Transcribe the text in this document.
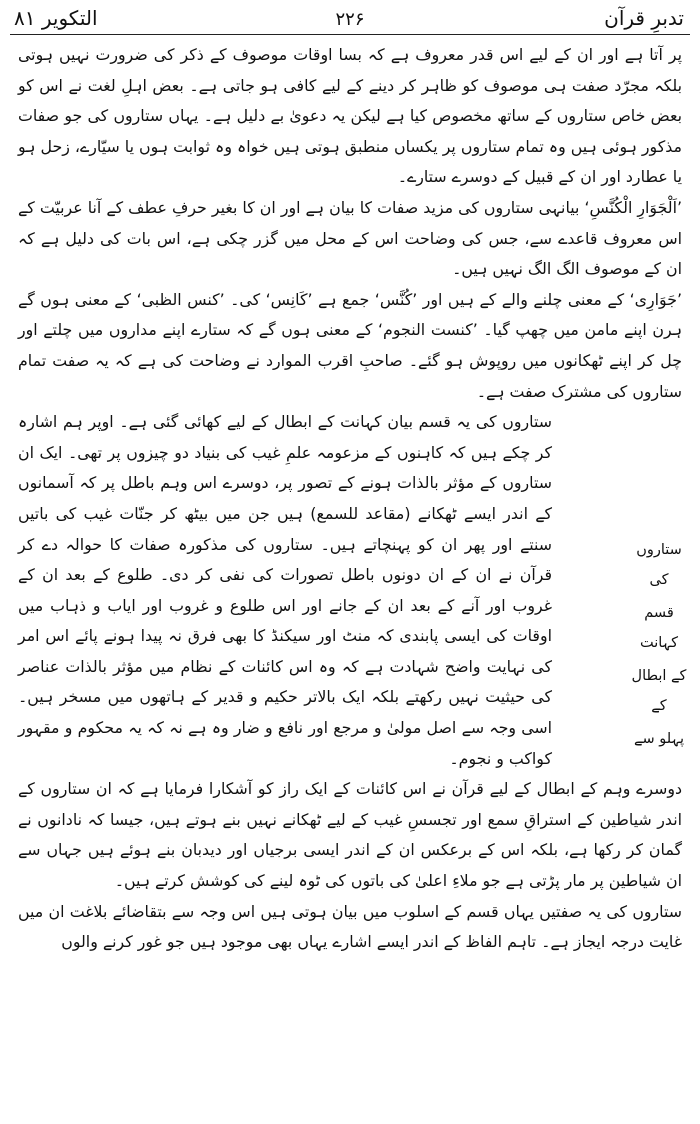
تدبرِ قرآن
۲۲۶
التکویر ۸۱

پر آتا ہے اور ان کے لیے اس قدر معروف ہے کہ بسا اوقات موصوف کے ذکر کی ضرورت نہیں ہوتی بلکہ مجرّد صفت ہی موصوف کو ظاہر کر دینے کے لیے کافی ہو جاتی ہے۔ بعض اہلِ لغت نے اس کو بعض خاص ستاروں کے ساتھ مخصوص کیا ہے لیکن یہ دعویٰ بے دلیل ہے۔ یہاں ستاروں کی جو صفات مذکور ہوئی ہیں وہ تمام ستاروں پر یکساں منطبق ہوتی ہیں خواہ وہ ثوابت ہوں یا سیّارے، زحل ہو یا عطارد اور ان کے قبیل کے دوسرے ستارے۔

’اَلْجَوَارِ الْکُنَّسِ‘ بیانہی ستاروں کی مزید صفات کا بیان ہے اور ان کا بغیر حرفِ عطف کے آنا عربیّت کے اس معروف قاعدے سے، جس کی وضاحت اس کے محل میں گزر چکی ہے، اس بات کی دلیل ہے کہ ان کے موصوف الگ الگ نہیں ہیں۔

’جَوَارِی‘ کے معنی چلنے والے کے ہیں اور ’کُنَّس‘ جمع ہے ’کَانِس‘ کی۔ ’کنس الظبی‘ کے معنی ہوں گے ہرن اپنے مامن میں چھپ گیا۔ ’کنست النجوم‘ کے معنی ہوں گے کہ ستارے اپنے مداروں میں چلتے اور چل کر اپنے ٹھکانوں میں روپوش ہو گئے۔ صاحبِ اقرب الموارد نے وضاحت کی ہے کہ یہ صفت تمام ستاروں کی مشترک صفت ہے۔

ستاروں کی یہ قسم بیان کہانت کے ابطال کے لیے کھائی گئی ہے۔ اوپر ہم اشارہ کر چکے ہیں کہ کاہنوں کے مزعومہ علمِ غیب کی بنیاد دو چیزوں پر تھی۔ ایک ان ستاروں کے مؤثر بالذات ہونے کے تصور پر، دوسرے اس وہم باطل پر کہ آسمانوں کے اندر ایسے ٹھکانے (مقاعد للسمع) ہیں جن میں بیٹھ کر جنّات غیب کی باتیں سنتے اور پھر ان کو پہنچاتے ہیں۔ ستاروں کی مذکورہ صفات کا حوالہ دے کر قرآن نے ان کے ان دونوں باطل تصورات کی نفی کر دی۔ طلوع کے بعد ان کے غروب اور آنے کے بعد ان کے جانے اور اس طلوع و غروب اور ایاب و ذہاب میں اوقات کی ایسی پابندی کہ منٹ اور سیکنڈ کا بھی فرق نہ پیدا ہونے پائے اس امر کی نہایت واضح شہادت ہے کہ وہ اس کائنات کے نظام میں مؤثر بالذات عناصر کی حیثیت نہیں رکھتے بلکہ ایک بالاتر حکیم و قدیر کے ہاتھوں میں مسخر ہیں۔ اسی وجہ سے اصل مولیٰ و مرجع اور نافع و ضار وہ ہے نہ کہ یہ محکوم و مقہور کواکب و نجوم۔

دوسرے وہم کے ابطال کے لیے قرآن نے اس کائنات کے ایک راز کو آشکارا فرمایا ہے کہ ان ستاروں کے اندر شیاطین کے استراقِ سمع اور تجسسِ غیب کے لیے ٹھکانے نہیں بنے ہوتے ہیں، جیسا کہ نادانوں نے گمان کر رکھا ہے، بلکہ اس کے برعکس ان کے اندر ایسی برجیاں اور دیدبان بنے ہوئے ہیں جہاں سے ان شیاطین پر مار پڑتی ہے جو ملاءِ اعلیٰ کی باتوں کی ٹوہ لینے کی کوشش کرتے ہیں۔

ستاروں کی یہ صفتیں یہاں قسم کے اسلوب میں بیان ہوتی ہیں اس وجہ سے بتقاضائے بلاغت ان میں غایت درجہ ایجاز ہے۔ تاہم الفاظ کے اندر ایسے اشارے یہاں بھی موجود ہیں جو غور کرنے والوں

ستاروں کی
قسم کہانت
کے ابطال کے
پہلو سے
